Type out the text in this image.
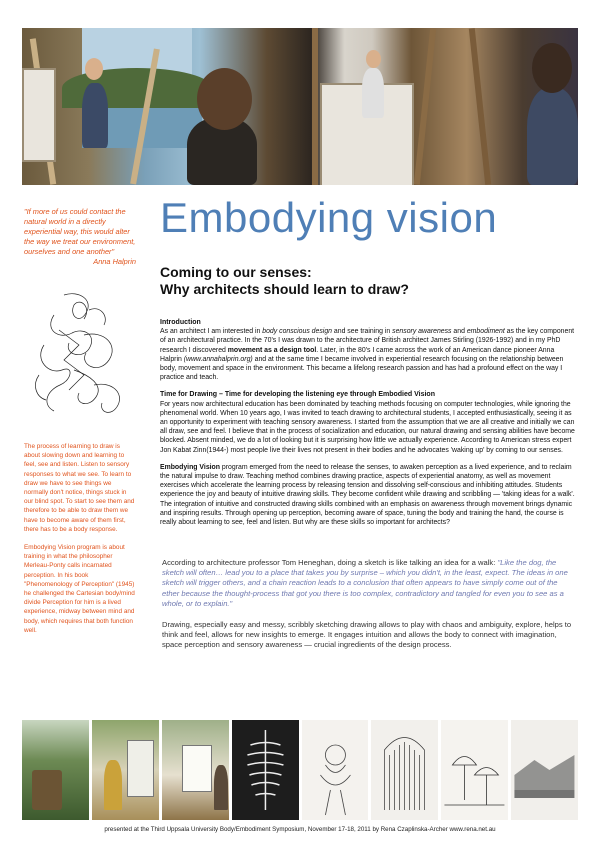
"If more of us could contact the natural world in a directly experiential way, this would alter the way we treat our environment, ourselves and one another"
Anna Halprin

The process of learning to draw is about slowing down and learning to feel, see and listen. Listen to sensory responses to what we see. To learn to draw we have to see things we normally don't notice, things stuck in our blind spot. To start to see them and therefore to be able to draw them we have to become aware of them first, there has to be a body response.

Embodying Vision program is about training in what the philosopher Merleau-Ponty calls incarnated perception. In his book "Phenomenology of Perception" (1945) he challenged the Cartesian body/mind divide Perception for him is a lived experience, midway between mind and body, which requires that both function well.

Embodying vision
Coming to our senses:
Why architects should learn to draw?
Introduction

As an architect I am interested in body conscious design and see training in sensory awareness and embodiment as the key component of an architectural practice. In the 70's I was drawn to the architecture of British architect James Stirling (1926-1992) and in my PhD research I discovered movement as a design tool. Later, in the 80's I came across the work of an American dance pioneer Anna Halprin (www.annahalprin.org) and at the same time I became involved in experiential research focusing on the relationship between body, movement and space in the environment. This became a lifelong research passion and has had a profound effect on the way I practice and teach.

Time for Drawing – Time for developing the listening eye through Embodied Vision

For years now architectural education has been dominated by teaching methods focusing on computer technologies, while ignoring the phenomenal world. When 10 years ago, I was invited to teach drawing to architectural students, I accepted enthusiastically, seeing it as an opportunity to experiment with teaching sensory awareness. I started from the assumption that we are all creative and initially we can all draw, see and feel. I believe that in the process of socialization and education, our natural drawing and sensing abilities have become blocked. Absent minded, we do a lot of looking but it is surprising how little we actually experience. According to American stress expert Jon Kabat Zinn(1944-) most people live their lives not present in their bodies and he advocates 'waking up' by coming to our senses.

Embodying Vision program emerged from the need to release the senses, to awaken perception as a lived experience, and to reclaim the natural impulse to draw. Teaching method combines drawing practice, aspects of experiential anatomy, as well as movement exercises which accelerate the learning process by releasing tension and dissolving self-conscious and inhibiting attitudes. Students experience the joy and beauty of intuitive drawing skills. They become confident while drawing and scribbling — 'taking ideas for a walk'. The integration of intuitive and constructed drawing skills combined with an emphasis on awareness through movement brings dynamic and inspiring results. Through opening up perception, becoming aware of space, tuning the body and training the hand, the course is really about learning to see, feel and listen. But why are these skills so important for architects?

According to architecture professor Tom Heneghan, doing a sketch is like talking an idea for a walk: "Like the dog, the sketch will often… lead you to a place that takes you by surprise – which you didn't, in the least, expect. The ideas in one sketch will trigger others, and a chain reaction leads to a conclusion that often appears to have simply come out of the ether because the thought-process that got you there is too complex, contradictory and tangled for even you to see as a whole, or to explain."
Drawing, especially easy and messy, scribbly sketching drawing allows to play with chaos and ambiguity, explore, helps to think and feel, allows for new insights to emerge. It engages intuition and allows the body to connect with imagination, space perception and sensory awareness — crucial ingredients of the design process.
presented at the Third Uppsala University Body/Embodiment Symposium, November 17-18, 2011 by Rena Czaplinska-Archer www.rena.net.au
